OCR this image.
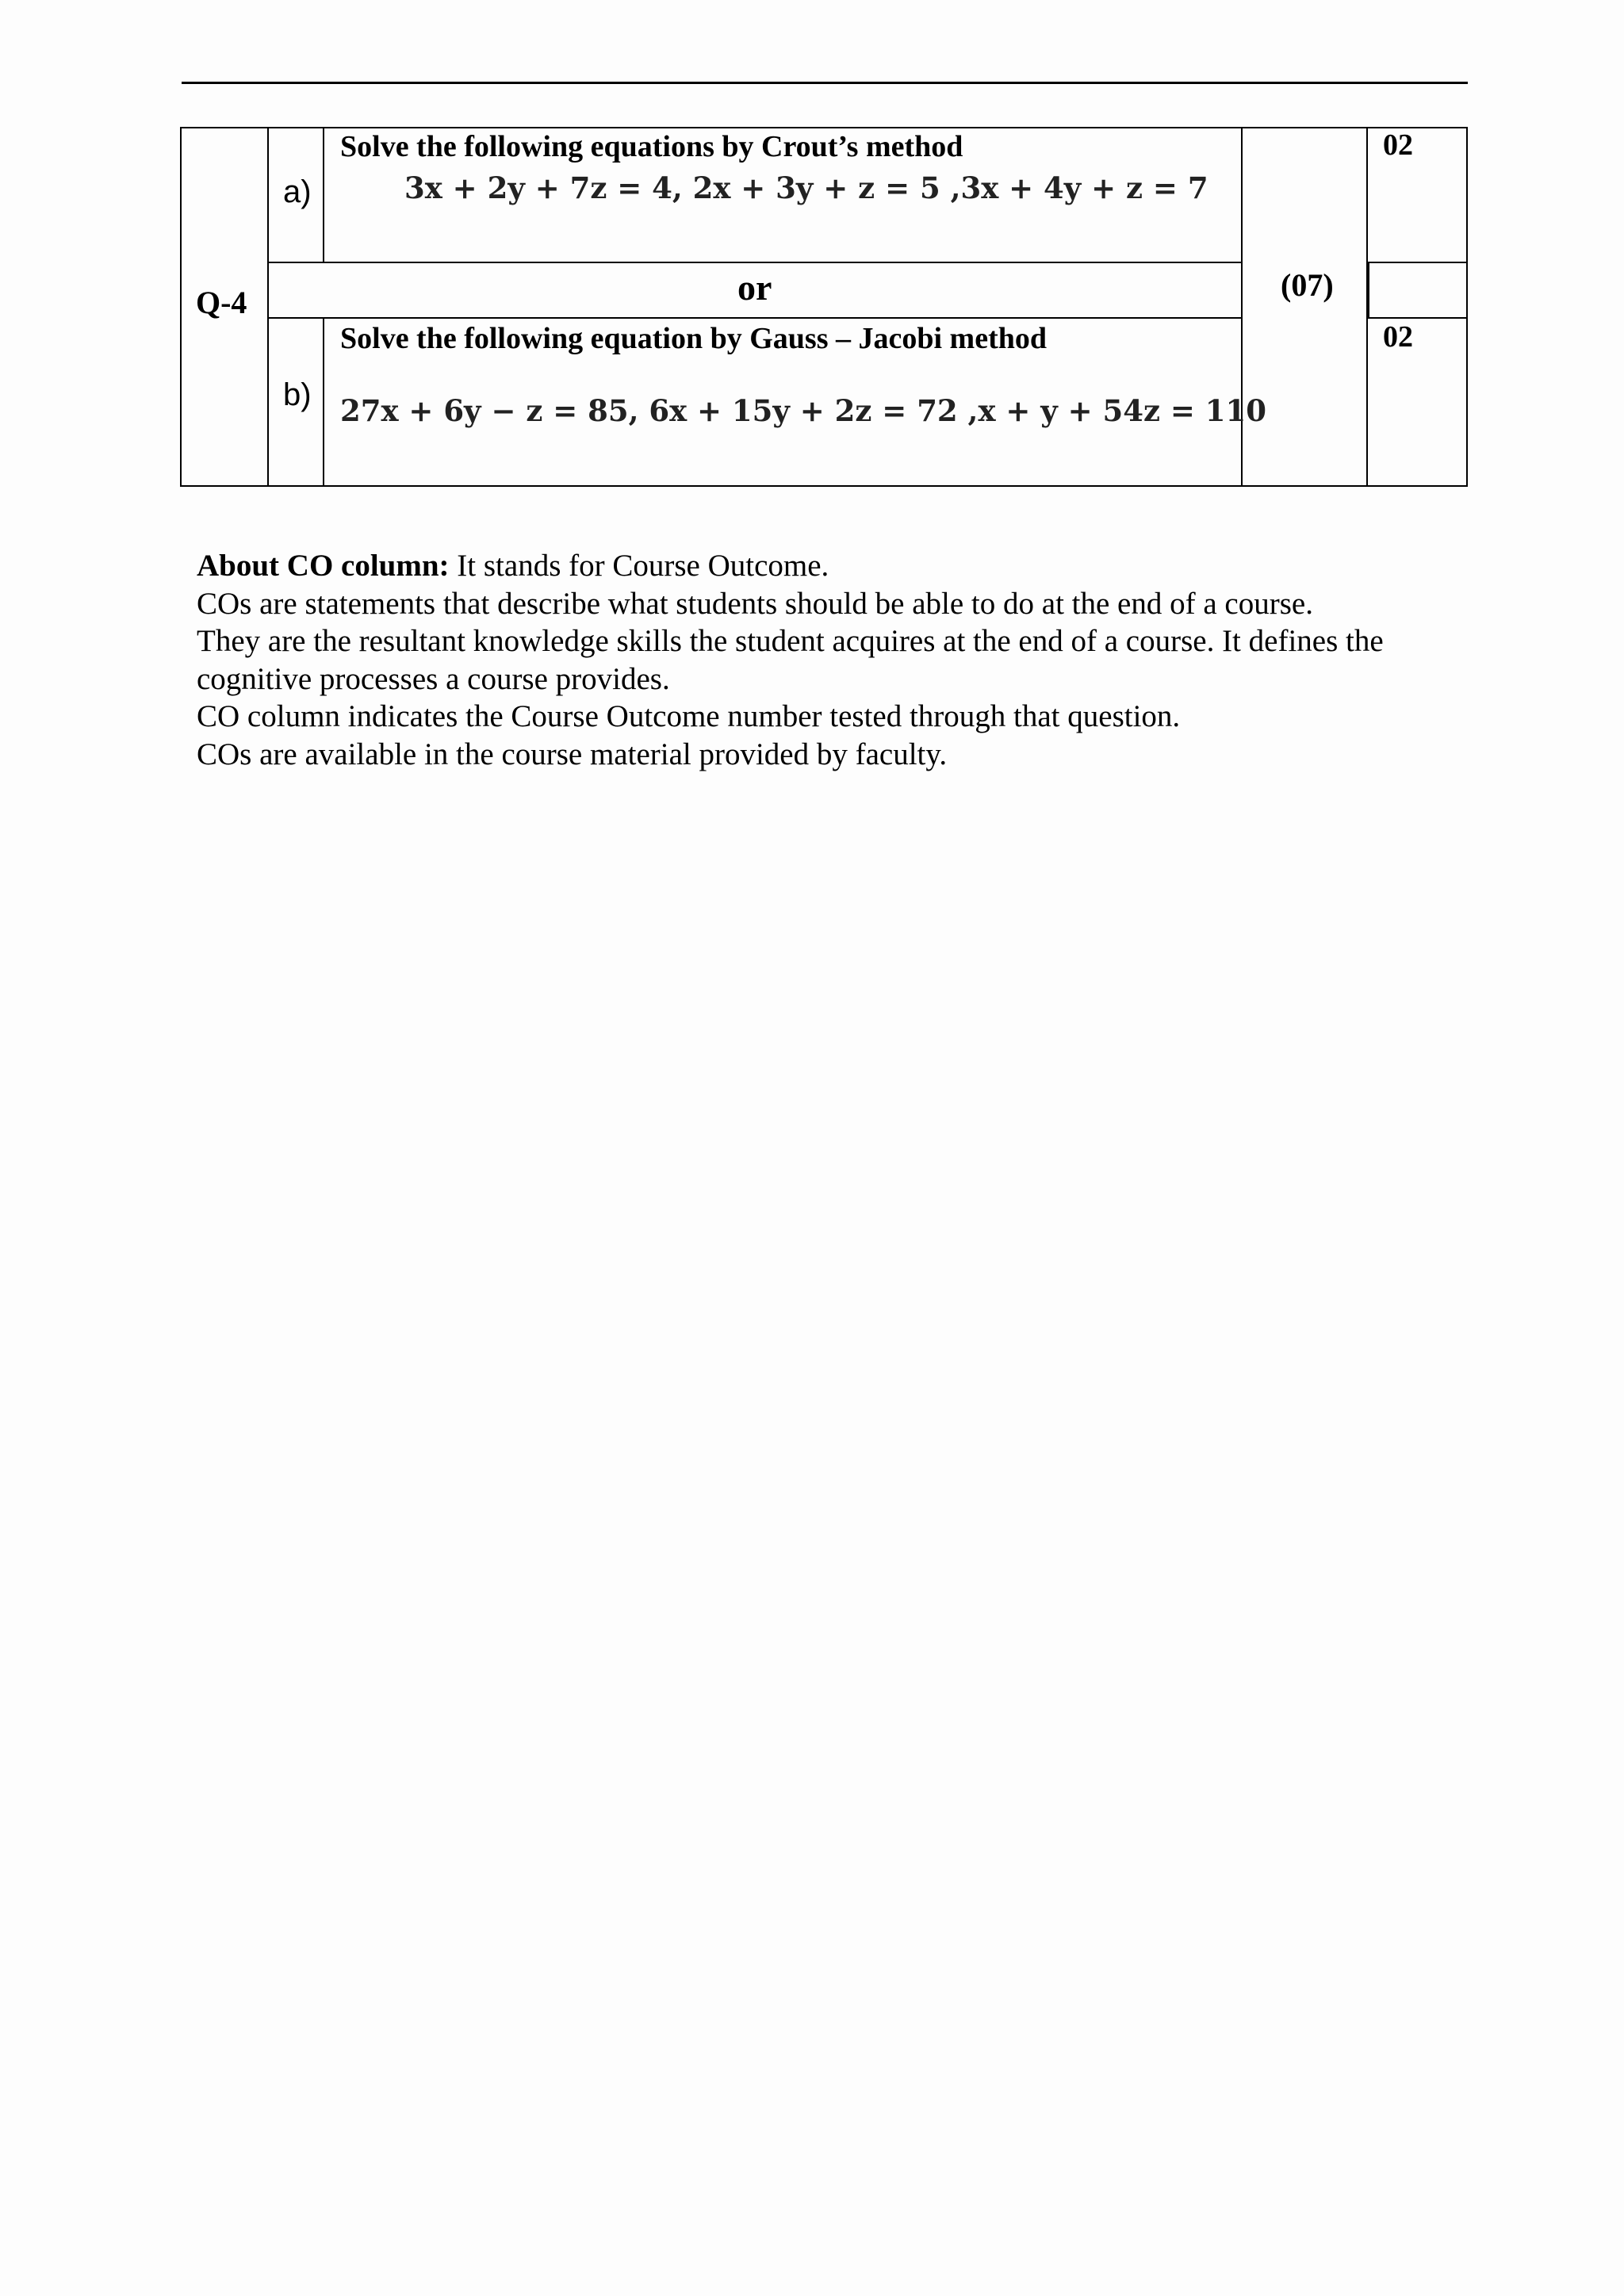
Q-4
a)
Solve the following equations by Crout’s method
3x + 2y + 7z = 4, 2x + 3y + z = 5 ,3x + 4y + z = 7
02
or	(07)
b)
Solve the following equation by Gauss – Jacobi method
27x + 6y − z = 85, 6x + 15y + 2z = 72 ,x + y + 54z = 110
02

About CO column: It stands for Course Outcome.

COs are statements that describe what students should be able to do at the end of a course.

They are the resultant knowledge skills the student acquires at the end of a course. It defines the

cognitive processes a course provides.

CO column indicates the Course Outcome number tested through that question.

COs are available in the course material provided by faculty.
